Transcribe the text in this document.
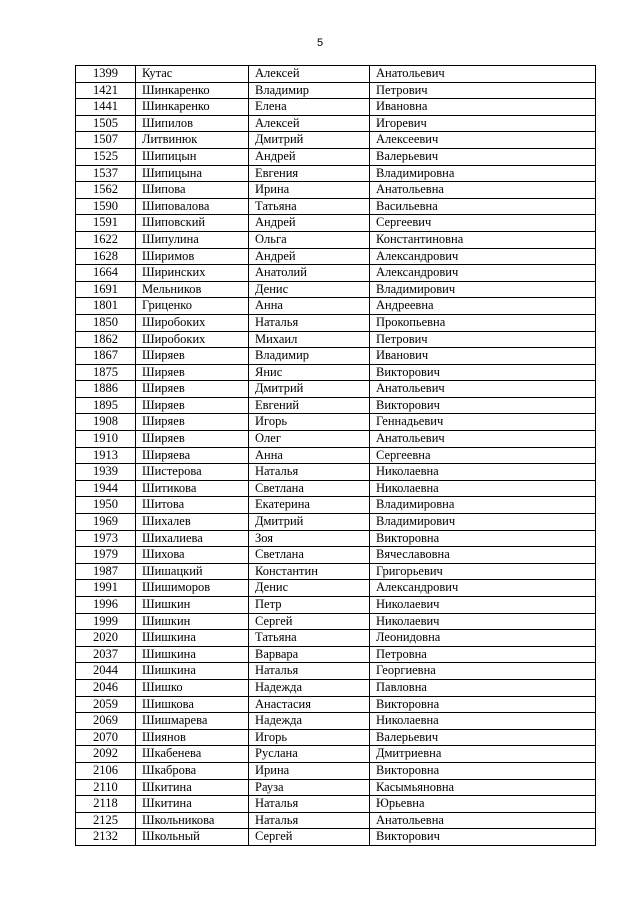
5
1399	Кутас	Алексей	Анатольевич
1421	Шинкаренко	Владимир	Петрович
1441	Шинкаренко	Елена	Ивановна
1505	Шипилов	Алексей	Игоревич
1507	Литвинюк	Дмитрий	Алексеевич
1525	Шипицын	Андрей	Валерьевич
1537	Шипицына	Евгения	Владимировна
1562	Шипова	Ирина	Анатольевна
1590	Шиповалова	Татьяна	Васильевна
1591	Шиповский	Андрей	Сергеевич
1622	Шипулина	Ольга	Константиновна
1628	Ширимов	Андрей	Александрович
1664	Ширинских	Анатолий	Александрович
1691	Мельников	Денис	Владимирович
1801	Гриценко	Анна	Андреевна
1850	Широбоких	Наталья	Прокопьевна
1862	Широбоких	Михаил	Петрович
1867	Ширяев	Владимир	Иванович
1875	Ширяев	Янис	Викторович
1886	Ширяев	Дмитрий	Анатольевич
1895	Ширяев	Евгений	Викторович
1908	Ширяев	Игорь	Геннадьевич
1910	Ширяев	Олег	Анатольевич
1913	Ширяева	Анна	Сергеевна
1939	Шистерова	Наталья	Николаевна
1944	Шитикова	Светлана	Николаевна
1950	Шитова	Екатерина	Владимировна
1969	Шихалев	Дмитрий	Владимирович
1973	Шихалиева	Зоя	Викторовна
1979	Шихова	Светлана	Вячеславовна
1987	Шишацкий	Константин	Григорьевич
1991	Шишиморов	Денис	Александрович
1996	Шишкин	Петр	Николаевич
1999	Шишкин	Сергей	Николаевич
2020	Шишкина	Татьяна	Леонидовна
2037	Шишкина	Варвара	Петровна
2044	Шишкина	Наталья	Георгиевна
2046	Шишко	Надежда	Павловна
2059	Шишкова	Анастасия	Викторовна
2069	Шишмарева	Надежда	Николаевна
2070	Шиянов	Игорь	Валерьевич
2092	Шкабенева	Руслана	Дмитриевна
2106	Шкаброва	Ирина	Викторовна
2110	Шкитина	Рауза	Касымьяновна
2118	Шкитина	Наталья	Юрьевна
2125	Школьникова	Наталья	Анатольевна
2132	Школьный	Сергей	Викторович
